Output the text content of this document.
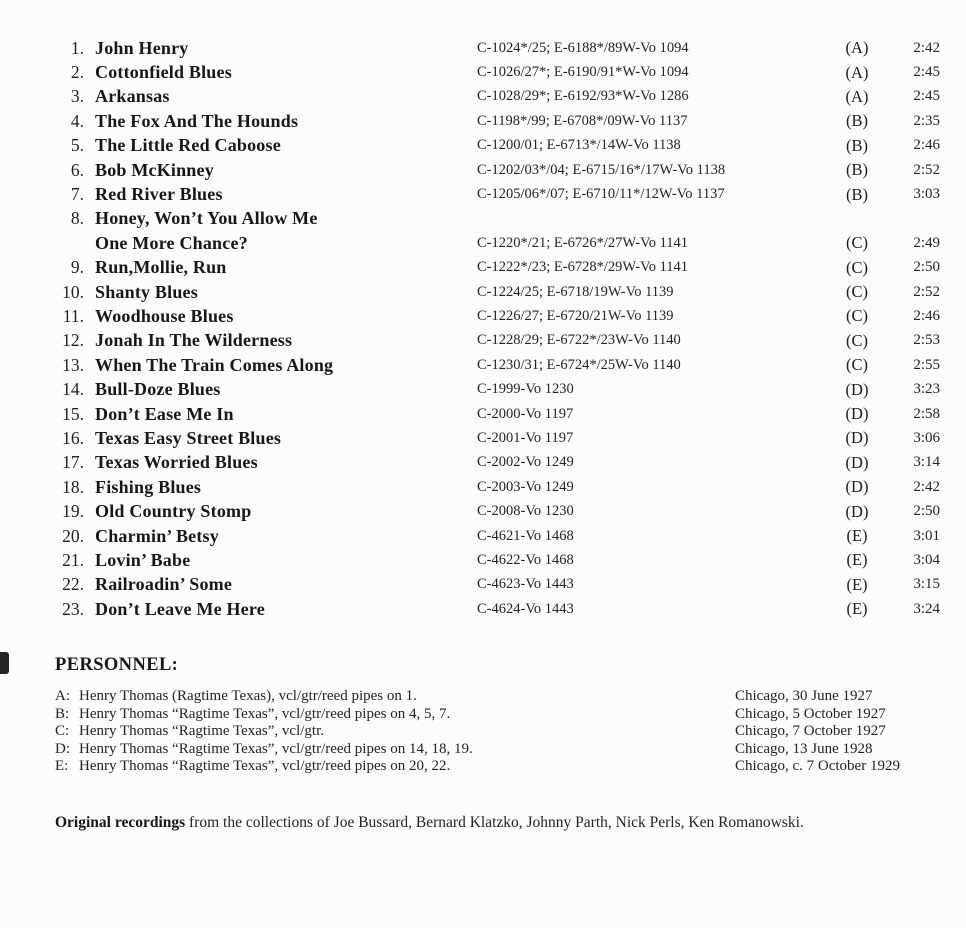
1. John Henry	C-1024*/25; E-6188*/89W-Vo 1094	(A)	2:42
2. Cottonfield Blues	C-1026/27*; E-6190/91*W-Vo 1094	(A)	2:45
3. Arkansas	C-1028/29*; E-6192/93*W-Vo 1286	(A)	2:45
4. The Fox And The Hounds	C-1198*/99; E-6708*/09W-Vo 1137	(B)	2:35
5. The Little Red Caboose	C-1200/01; E-6713*/14W-Vo 1138	(B)	2:46
6. Bob McKinney	C-1202/03*/04; E-6715/16*/17W-Vo 1138	(B)	2:52
7. Red River Blues	C-1205/06*/07; E-6710/11*/12W-Vo 1137	(B)	3:03
8. Honey, Won’t You Allow Me
One More Chance?	C-1220*/21; E-6726*/27W-Vo 1141	(C)	2:49
9. Run,Mollie, Run	C-1222*/23; E-6728*/29W-Vo 1141	(C)	2:50
10. Shanty Blues	C-1224/25; E-6718/19W-Vo 1139	(C)	2:52
11. Woodhouse Blues	C-1226/27; E-6720/21W-Vo 1139	(C)	2:46
12. Jonah In The Wilderness	C-1228/29; E-6722*/23W-Vo 1140	(C)	2:53
13. When The Train Comes Along	C-1230/31; E-6724*/25W-Vo 1140	(C)	2:55
14. Bull-Doze Blues	C-1999-Vo 1230	(D)	3:23
15. Don’t Ease Me In	C-2000-Vo 1197	(D)	2:58
16. Texas Easy Street Blues	C-2001-Vo 1197	(D)	3:06
17. Texas Worried Blues	C-2002-Vo 1249	(D)	3:14
18. Fishing Blues	C-2003-Vo 1249	(D)	2:42
19. Old Country Stomp	C-2008-Vo 1230	(D)	2:50
20. Charmin’ Betsy	C-4621-Vo 1468	(E)	3:01
21. Lovin’ Babe	C-4622-Vo 1468	(E)	3:04
22. Railroadin’ Some	C-4623-Vo 1443	(E)	3:15
23. Don’t Leave Me Here	C-4624-Vo 1443	(E)	3:24
PERSONNEL:
A: Henry Thomas (Ragtime Texas), vcl/gtr/reed pipes on 1.	Chicago, 30 June 1927
B: Henry Thomas “Ragtime Texas”, vcl/gtr/reed pipes on 4, 5, 7.	Chicago, 5 October 1927
C: Henry Thomas “Ragtime Texas”, vcl/gtr.	Chicago, 7 October 1927
D: Henry Thomas “Ragtime Texas”, vcl/gtr/reed pipes on 14, 18, 19.	Chicago, 13 June 1928
E: Henry Thomas “Ragtime Texas”, vcl/gtr/reed pipes on 20, 22.	Chicago, c. 7 October 1929

Original recordings from the collections of Joe Bussard, Bernard Klatzko, Johnny Parth, Nick Perls, Ken Romanowski.
